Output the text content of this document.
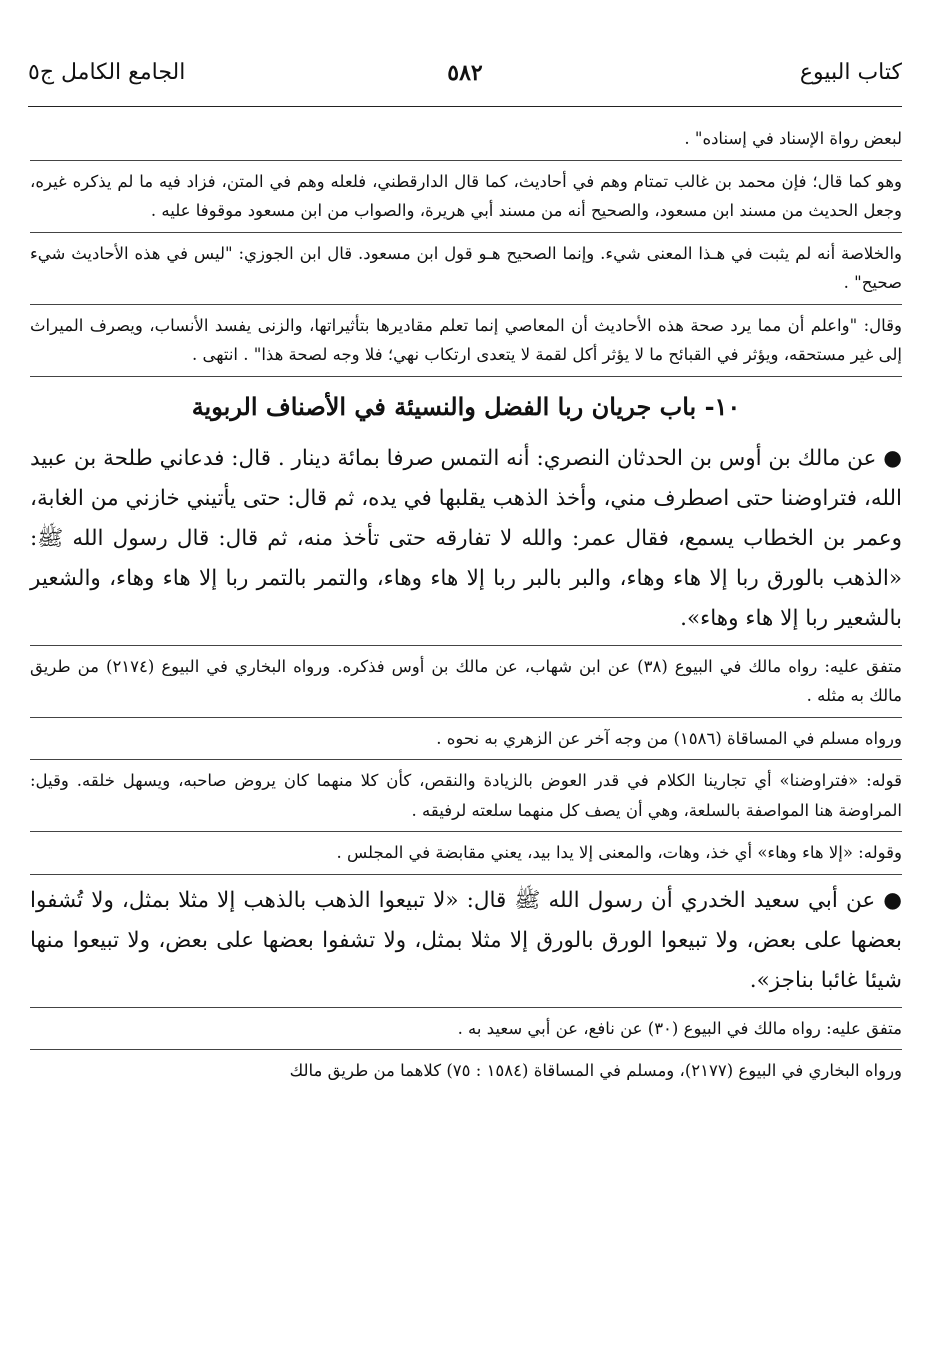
كتاب البيوع
٥٨٢
الجامع الكامل ج٥

لبعض رواة الإسناد في إسناده" .

وهو كما قال؛ فإن محمد بن غالب تمتام وهم في أحاديث، كما قال الدارقطني، فلعله وهم في المتن، فزاد فيه ما لم يذكره غيره، وجعل الحديث من مسند ابن مسعود، والصحيح أنه من مسند أبي هريرة، والصواب من ابن مسعود موقوفا عليه .

والخلاصة أنه لم يثبت في هـذا المعنى شيء. وإنما الصحيح هـو قول ابن مسعود. قال ابن الجوزي: "ليس في هذه الأحاديث شيء صحيح" .

وقال: "واعلم أن مما يرد صحة هذه الأحاديث أن المعاصي إنما تعلم مقاديرها بتأثيراتها، والزنى يفسد الأنساب، ويصرف الميراث إلى غير مستحقه، ويؤثر في القبائح ما لا يؤثر أكل لقمة لا يتعدى ارتكاب نهي؛ فلا وجه لصحة هذا" . انتهى .

١٠- باب جريان ربا الفضل والنسيئة في الأصناف الربوية

● عن مالك بن أوس بن الحدثان النصري: أنه التمس صرفا بمائة دينار . قال: فدعاني طلحة بن عبيد الله، فتراوضنا حتى اصطرف مني، وأخذ الذهب يقلبها في يده، ثم قال: حتى يأتيني خازني من الغابة، وعمر بن الخطاب يسمع، فقال عمر: والله لا تفارقه حتى تأخذ منه، ثم قال: قال رسول الله ﷺ: «الذهب بالورق ربا إلا هاء وهاء، والبر بالبر ربا إلا هاء وهاء، والتمر بالتمر ربا إلا هاء وهاء، والشعير بالشعير ربا إلا هاء وهاء».

متفق عليه: رواه مالك في البيوع (٣٨) عن ابن شهاب، عن مالك بن أوس فذكره. ورواه البخاري في البيوع (٢١٧٤) من طريق مالك به مثله .

ورواه مسلم في المساقاة (١٥٨٦) من وجه آخر عن الزهري به نحوه .

قوله: «فتراوضنا» أي تجارينا الكلام في قدر العوض بالزيادة والنقص، كأن كلا منهما كان يروض صاحبه، ويسهل خلقه. وقيل: المراوضة هنا المواصفة بالسلعة، وهي أن يصف كل منهما سلعته لرفيقه .

وقوله: «إلا هاء وهاء» أي خذ، وهات، والمعنى إلا يدا بيد، يعني مقابضة في المجلس .

● عن أبي سعيد الخدري أن رسول الله ﷺ قال: «لا تبيعوا الذهب بالذهب إلا مثلا بمثل، ولا تُشفوا بعضها على بعض، ولا تبيعوا الورق بالورق إلا مثلا بمثل، ولا تشفوا بعضها على بعض، ولا تبيعوا منها شيئا غائبا بناجز».

متفق عليه: رواه مالك في البيوع (٣٠) عن نافع، عن أبي سعيد به .

ورواه البخاري في البيوع (٢١٧٧)، ومسلم في المساقاة (١٥٨٤ : ٧٥) كلاهما من طريق مالك
